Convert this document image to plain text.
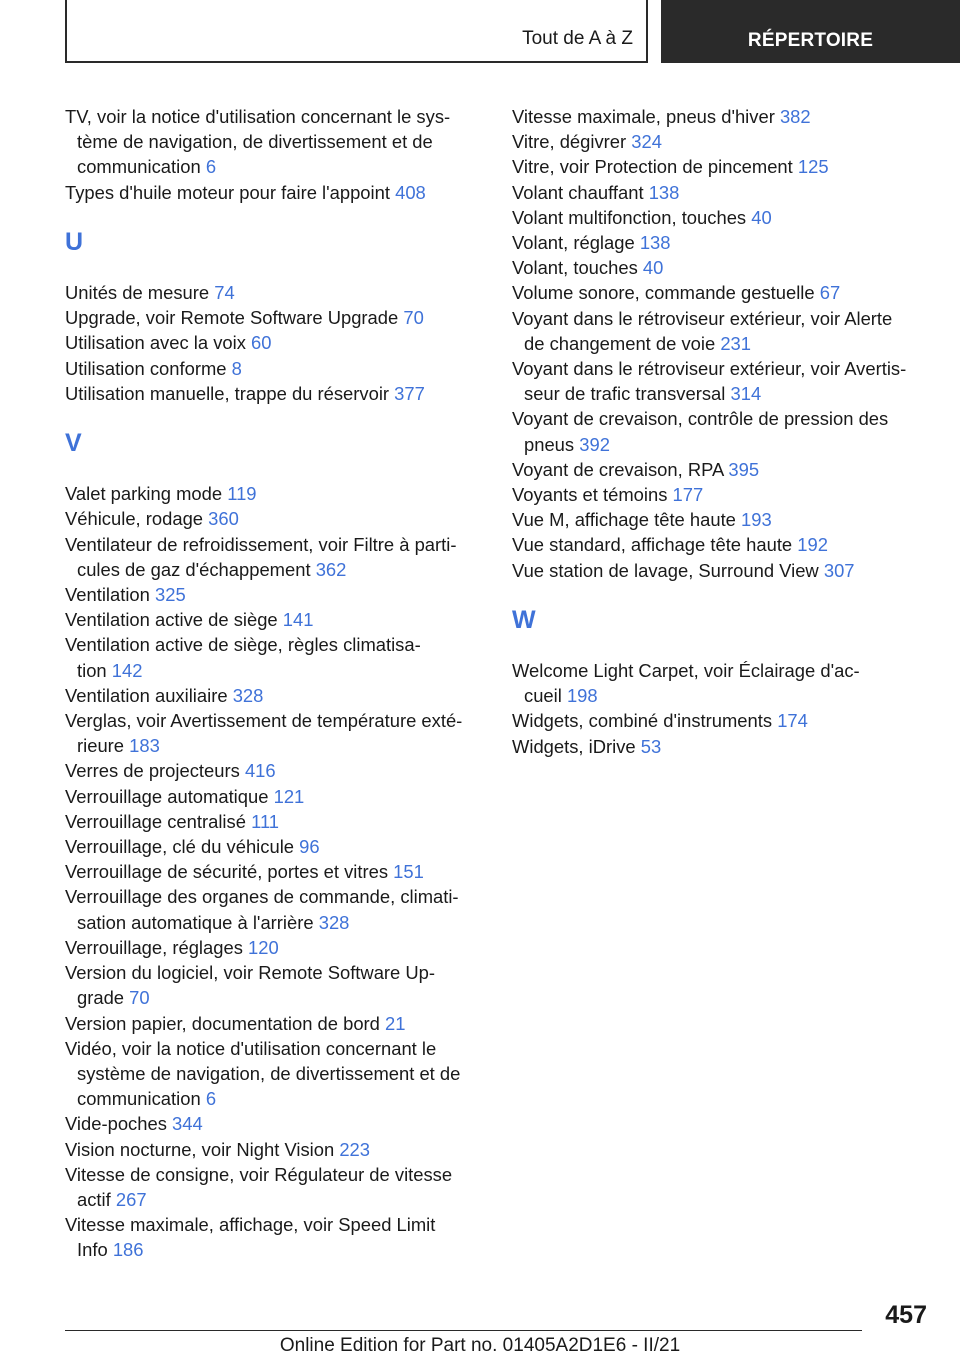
Tout de A à Z	RÉPERTOIRE
TV, voir la notice d'utilisation concernant le sys‐
tème de navigation, de divertissement et de
communication 6
Types d'huile moteur pour faire l'appoint 408
U
Unités de mesure 74
Upgrade, voir Remote Software Upgrade 70
Utilisation avec la voix 60
Utilisation conforme 8
Utilisation manuelle, trappe du réservoir 377
V
Valet parking mode 119
Véhicule, rodage 360
Ventilateur de refroidissement, voir Filtre à parti‐
cules de gaz d'échappement 362
Ventilation 325
Ventilation active de siège 141
Ventilation active de siège, règles climatisa‐
tion 142
Ventilation auxiliaire 328
Verglas, voir Avertissement de température exté‐
rieure 183
Verres de projecteurs 416
Verrouillage automatique 121
Verrouillage centralisé 111
Verrouillage, clé du véhicule 96
Verrouillage de sécurité, portes et vitres 151
Verrouillage des organes de commande, climati‐
sation automatique à l'arrière 328
Verrouillage, réglages 120
Version du logiciel, voir Remote Software Up‐
grade 70
Version papier, documentation de bord 21
Vidéo, voir la notice d'utilisation concernant le
système de navigation, de divertissement et de
communication 6
Vide-poches 344
Vision nocturne, voir Night Vision 223
Vitesse de consigne, voir Régulateur de vitesse
actif 267
Vitesse maximale, affichage, voir Speed Limit
Info 186
Vitesse maximale, pneus d'hiver 382
Vitre, dégivrer 324
Vitre, voir Protection de pincement 125
Volant chauffant 138
Volant multifonction, touches 40
Volant, réglage 138
Volant, touches 40
Volume sonore, commande gestuelle 67
Voyant dans le rétroviseur extérieur, voir Alerte
de changement de voie 231
Voyant dans le rétroviseur extérieur, voir Avertis‐
seur de trafic transversal 314
Voyant de crevaison, contrôle de pression des
pneus 392
Voyant de crevaison, RPA 395
Voyants et témoins 177
Vue M, affichage tête haute 193
Vue standard, affichage tête haute 192
Vue station de lavage, Surround View 307
W
Welcome Light Carpet, voir Éclairage d'ac‐
cueil 198
Widgets, combiné d'instruments 174
Widgets, iDrive 53
457
Online Edition for Part no. 01405A2D1E6 - II/21
